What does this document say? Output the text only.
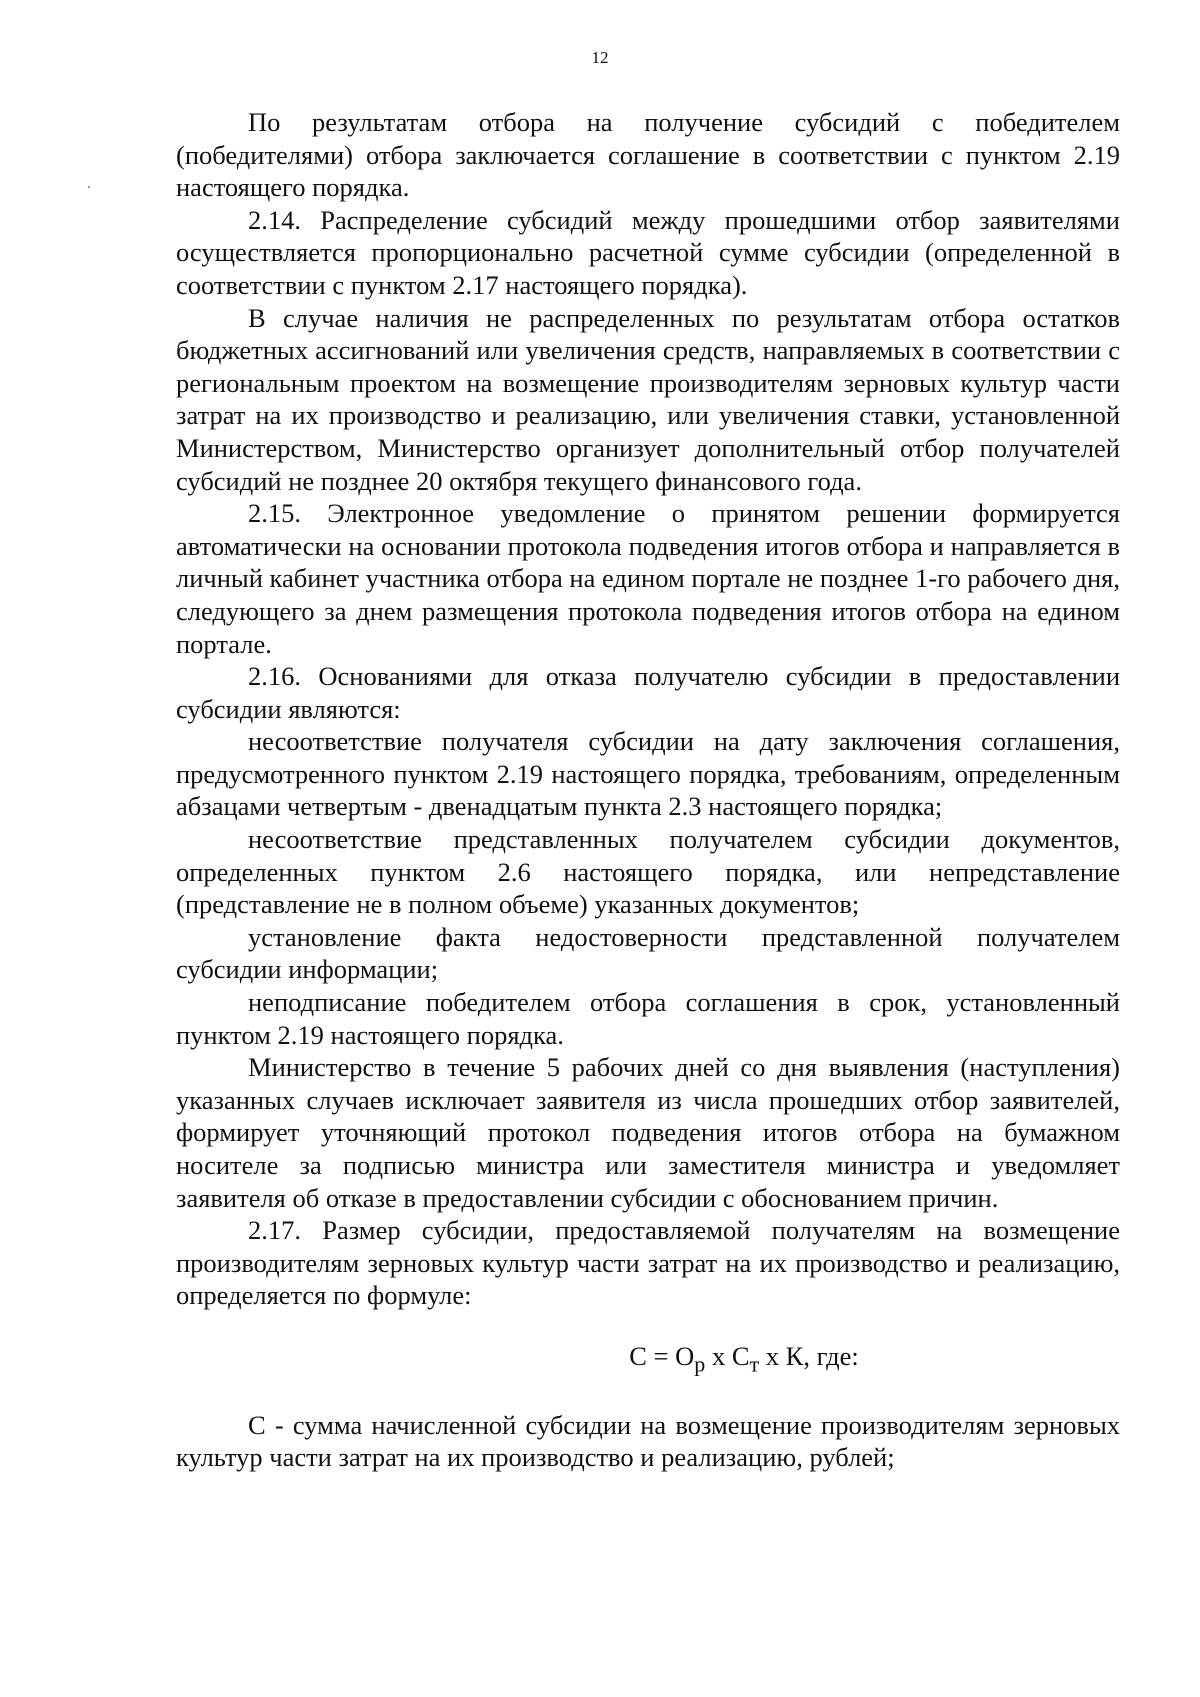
12

По результатам отбора на получение субсидий с победителем (победителями) отбора заключается соглашение в соответствии с пунктом 2.19 настоящего порядка.

2.14. Распределение субсидий между прошедшими отбор заявителями осуществляется пропорционально расчетной сумме субсидии (определенной в соответствии с пунктом 2.17 настоящего порядка).

В случае наличия не распределенных по результатам отбора остатков бюджетных ассигнований или увеличения средств, направляемых в соответствии с региональным проектом на возмещение производителям зерновых культур части затрат на их производство и реализацию, или увеличения ставки, установленной Министерством, Министерство организует дополнительный отбор получателей субсидий не позднее 20 октября текущего финансового года.

2.15. Электронное уведомление о принятом решении формируется автоматически на основании протокола подведения итогов отбора и направляется в личный кабинет участника отбора на едином портале не позднее 1-го рабочего дня, следующего за днем размещения протокола подведения итогов отбора на едином портале.

2.16. Основаниями для отказа получателю субсидии в предоставлении субсидии являются:

несоответствие получателя субсидии на дату заключения соглашения, предусмотренного пунктом 2.19 настоящего порядка, требованиям, определенным абзацами четвертым - двенадцатым пункта 2.3 настоящего порядка;

несоответствие представленных получателем субсидии документов, определенных пунктом 2.6 настоящего порядка, или непредставление (представление не в полном объеме) указанных документов;

установление факта недостоверности представленной получателем субсидии информации;

неподписание победителем отбора соглашения в срок, установленный пунктом 2.19 настоящего порядка.

Министерство в течение 5 рабочих дней со дня выявления (наступления) указанных случаев исключает заявителя из числа прошедших отбор заявителей, формирует уточняющий протокол подведения итогов отбора на бумажном носителе за подписью министра или заместителя министра и уведомляет заявителя об отказе в предоставлении субсидии с обоснованием причин.

2.17. Размер субсидии, предоставляемой получателям на возмещение производителям зерновых культур части затрат на их производство и реализацию, определяется по формуле:

$С = О_р$ х $С_т$ х К, где:

С - сумма начисленной субсидии на возмещение производителям зерновых культур части затрат на их производство и реализацию, рублей;
